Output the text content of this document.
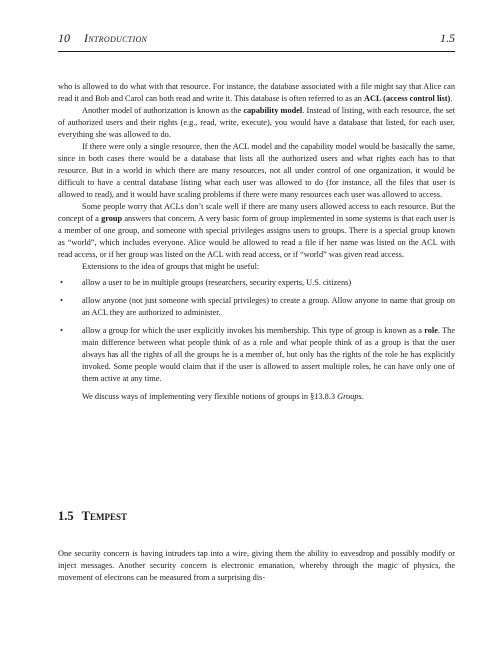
10 Introduction	1.5

who is allowed to do what with that resource. For instance, the database associated with a file might say that Alice can read it and Bob and Carol can both read and write it. This database is often referred to as an ACL (access control list).

Another model of authorization is known as the capability model. Instead of listing, with each resource, the set of authorized users and their rights (e.g., read, write, execute), you would have a database that listed, for each user, everything she was allowed to do.

If there were only a single resource, then the ACL model and the capability model would be basically the same, since in both cases there would be a database that lists all the authorized users and what rights each has to that resource. But in a world in which there are many resources, not all under control of one organization, it would be difficult to have a central database listing what each user was allowed to do (for instance, all the files that user is allowed to read), and it would have scaling problems if there were many resources each user was allowed to access.

Some people worry that ACLs don’t scale well if there are many users allowed access to each resource. But the concept of a group answers that concern. A very basic form of group implemented in some systems is that each user is a member of one group, and someone with special privileges assigns users to groups. There is a special group known as “world”, which includes everyone. Alice would be allowed to read a file if her name was listed on the ACL with read access, or if her group was listed on the ACL with read access, or if “world” was given read access.

Extensions to the idea of groups that might be useful:

• allow a user to be in multiple groups (researchers, security experts, U.S. citizens)
• allow anyone (not just someone with special privileges) to create a group. Allow anyone to name that group on an ACL they are authorized to administer.
• allow a group for which the user explicitly invokes his membership. This type of group is known as a role. The main difference between what people think of as a role and what people think of as a group is that the user always has all the rights of all the groups he is a member of, but only has the rights of the role he has explicitly invoked. Some people would claim that if the user is allowed to assert multiple roles, he can have only one of them active at any time.

We discuss ways of implementing very flexible notions of groups in §13.8.3 Groups.

1.5 Tempest

One security concern is having intruders tap into a wire, giving them the ability to eavesdrop and possibly modify or inject messages. Another security concern is electronic emanation, whereby through the magic of physics, the movement of electrons can be measured from a surprising dis-
